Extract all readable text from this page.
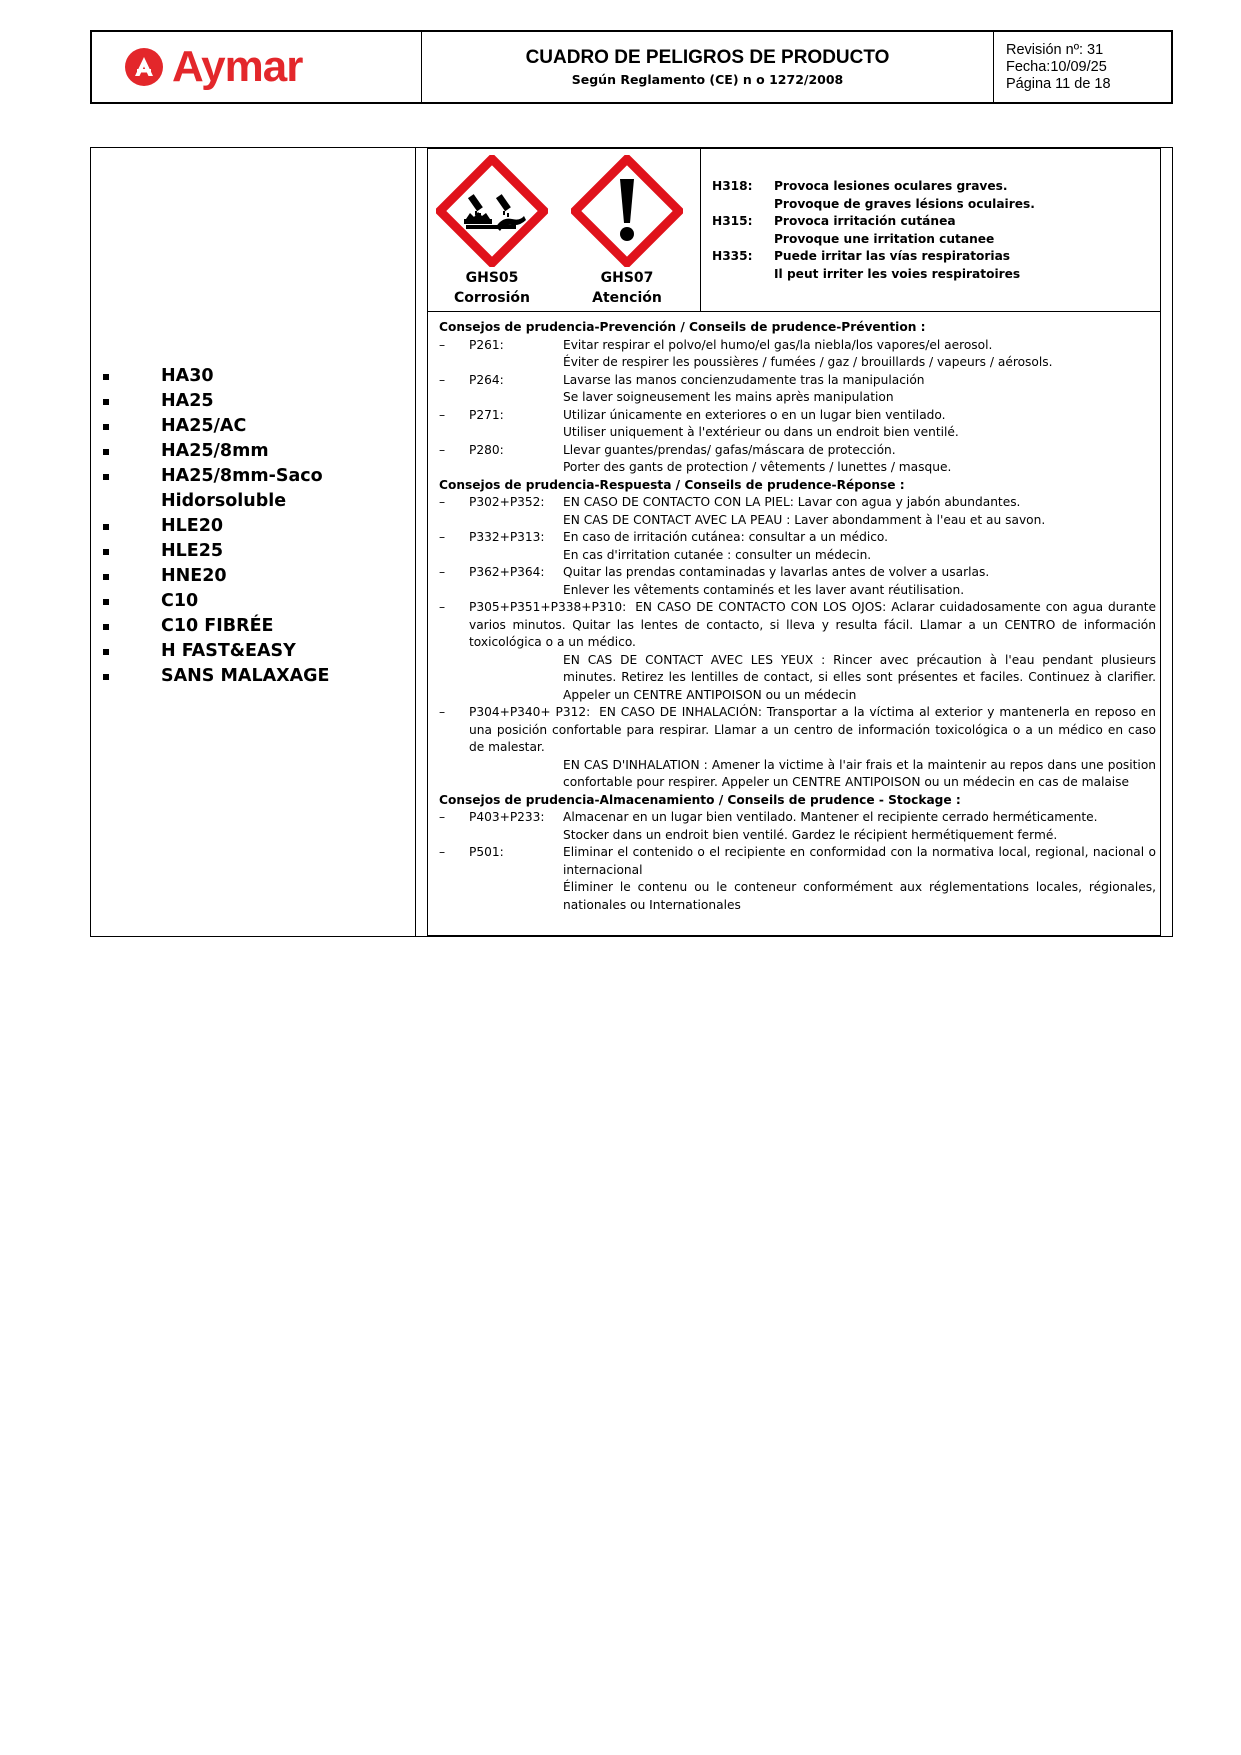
Aymar	CUADRO DE PELIGROS DE PRODUCTO
Según Reglamento (CE) n o 1272/2008
Revisión nº: 31
Fecha:10/09/25
Página 11 de 18
HA30
HA25
HA25/AC
HA25/8mm
HA25/8mm-Saco
Hidorsoluble
HLE20
HLE25
HNE20
C10
C10 FIBRÉE
H FAST&EASY
SANS MALAXAGE
GHS05
Corrosión
GHS07
Atención
H318: Provoca lesiones oculares graves.
Provoque de graves lésions oculaires.
H315: Provoca irritación cutánea
Provoque une irritation cutanee
H335: Puede irritar las vías respiratorias
Il peut irriter les voies respiratoires
Consejos de prudencia-Prevención / Conseils de prudence-Prévention :
–	P261:	Evitar respirar el polvo/el humo/el gas/la niebla/los vapores/el aerosol.
Éviter de respirer les poussières / fumées / gaz / brouillards / vapeurs / aérosols.
–	P264:	Lavarse las manos concienzudamente tras la manipulación
Se laver soigneusement les mains après manipulation
–	P271:	Utilizar únicamente en exteriores o en un lugar bien ventilado.
Utiliser uniquement à l'extérieur ou dans un endroit bien ventilé.
–	P280:	Llevar guantes/prendas/ gafas/máscara de protección.
Porter des gants de protection / vêtements / lunettes / masque.
Consejos de prudencia-Respuesta / Conseils de prudence-Réponse :
–	P302+P352:	EN CASO DE CONTACTO CON LA PIEL: Lavar con agua y jabón abundantes.
EN CAS DE CONTACT AVEC LA PEAU : Laver abondamment à l'eau et au savon.
–	P332+P313:	En caso de irritación cutánea: consultar a un médico.
En cas d'irritation cutanée : consulter un médecin.
–	P362+P364:	Quitar las prendas contaminadas y lavarlas antes de volver a usarlas.
Enlever les vêtements contaminés et les laver avant réutilisation.
–	P305+P351+P338+P310: EN CASO DE CONTACTO CON LOS OJOS: Aclarar cuidadosamente con agua durante varios minutos. Quitar las lentes de contacto, si lleva y resulta fácil. Llamar a un CENTRO de información toxicológica o a un médico.
EN CAS DE CONTACT AVEC LES YEUX : Rincer avec précaution à l'eau pendant plusieurs minutes. Retirez les lentilles de contact, si elles sont présentes et faciles. Continuez à clarifier. Appeler un CENTRE ANTIPOISON ou un médecin
–	P304+P340+ P312: EN CASO DE INHALACIÓN: Transportar a la víctima al exterior y mantenerla en reposo en una posición confortable para respirar. Llamar a un centro de información toxicológica o a un médico en caso de malestar.
EN CAS D'INHALATION : Amener la victime à l'air frais et la maintenir au repos dans une position confortable pour respirer. Appeler un CENTRE ANTIPOISON ou un médecin en cas de malaise
Consejos de prudencia-Almacenamiento / Conseils de prudence - Stockage :
–	P403+P233:	Almacenar en un lugar bien ventilado. Mantener el recipiente cerrado herméticamente.
Stocker dans un endroit bien ventilé. Gardez le récipient hermétiquement fermé.
–	P501:	Eliminar el contenido o el recipiente en conformidad con la normativa local, regional, nacional o internacional
Éliminer le contenu ou le conteneur conformément aux réglementations locales, régionales, nationales ou Internationales
